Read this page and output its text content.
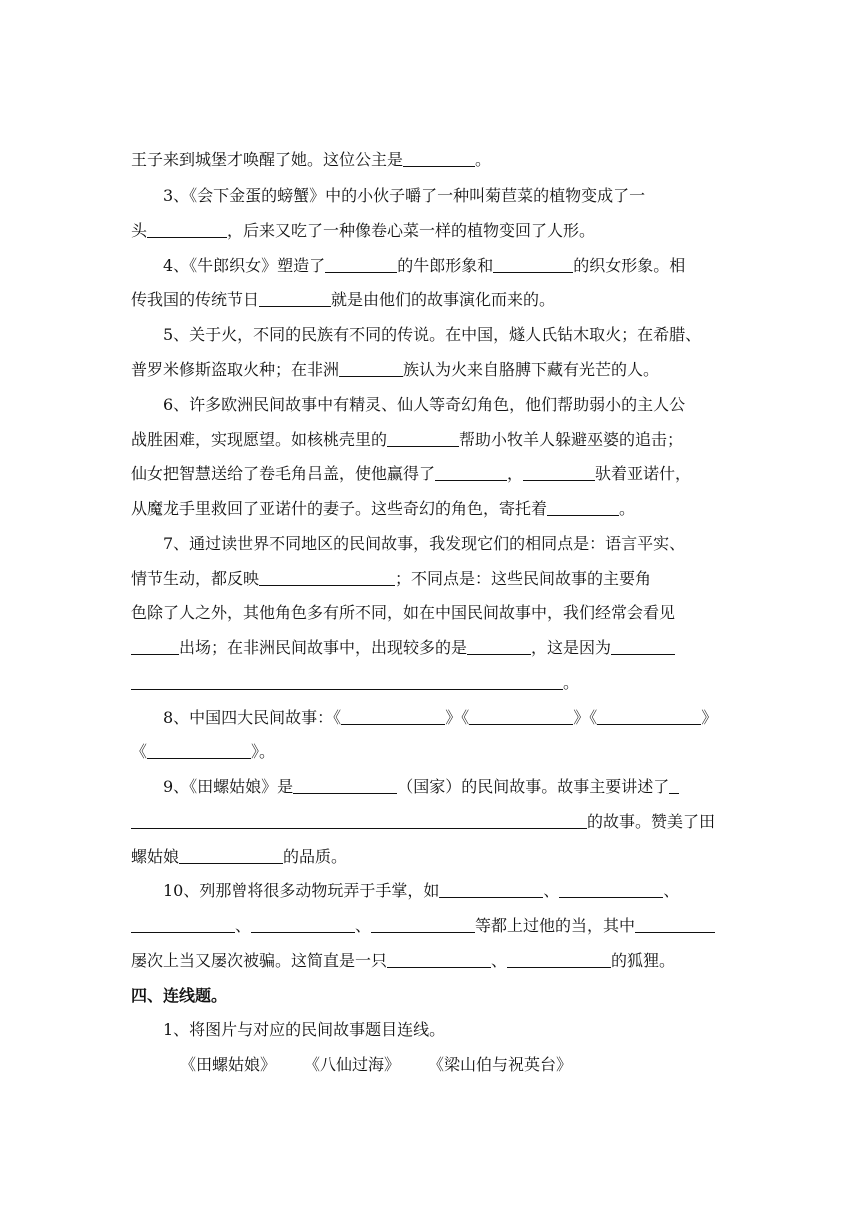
王子来到城堡才唤醒了她。这位公主是	。
3、《会下金蛋的螃蟹》中的小伙子嚼了一种叫菊苣菜的植物变成了一
头	，后来又吃了一种像卷心菜一样的植物变回了人形。
4、《牛郎织女》塑造了	的牛郎形象和	的织女形象。相
传我国的传统节日	就是由他们的故事演化而来的。
5、关于火，不同的民族有不同的传说。在中国，燧人氏钻木取火；在希腊、
普罗米修斯盗取火种；在非洲	族认为火来自胳膊下藏有光芒的人。
6、许多欧洲民间故事中有精灵、仙人等奇幻角色，他们帮助弱小的主人公
战胜困难，实现愿望。如核桃壳里的	帮助小牧羊人躲避巫婆的追击；
仙女把智慧送给了卷毛角吕盖，使他赢得了	，	驮着亚诺什，
从魔龙手里救回了亚诺什的妻子。这些奇幻的角色，寄托着	。
7、通过读世界不同地区的民间故事，我发现它们的相同点是：语言平实、
情节生动，都反映	；不同点是：这些民间故事的主要角
色除了人之外，其他角色多有所不同，如在中国民间故事中，我们经常会看见
出场；在非洲民间故事中，出现较多的是	，这是因为
。
8、中国四大民间故事：《	》《	》《	》
《	》。
9、《田螺姑娘》是	（国家）的民间故事。故事主要讲述了
的故事。赞美了田
螺姑娘	的品质。
10、列那曾将很多动物玩弄于手掌，如	、	、
、	、	等都上过他的当，其中
屡次上当又屡次被骗。这简直是一只	、	的狐狸。
四、连线题。
1、将图片与对应的民间故事题目连线。
《田螺姑娘》 《八仙过海》 《梁山伯与祝英台》
